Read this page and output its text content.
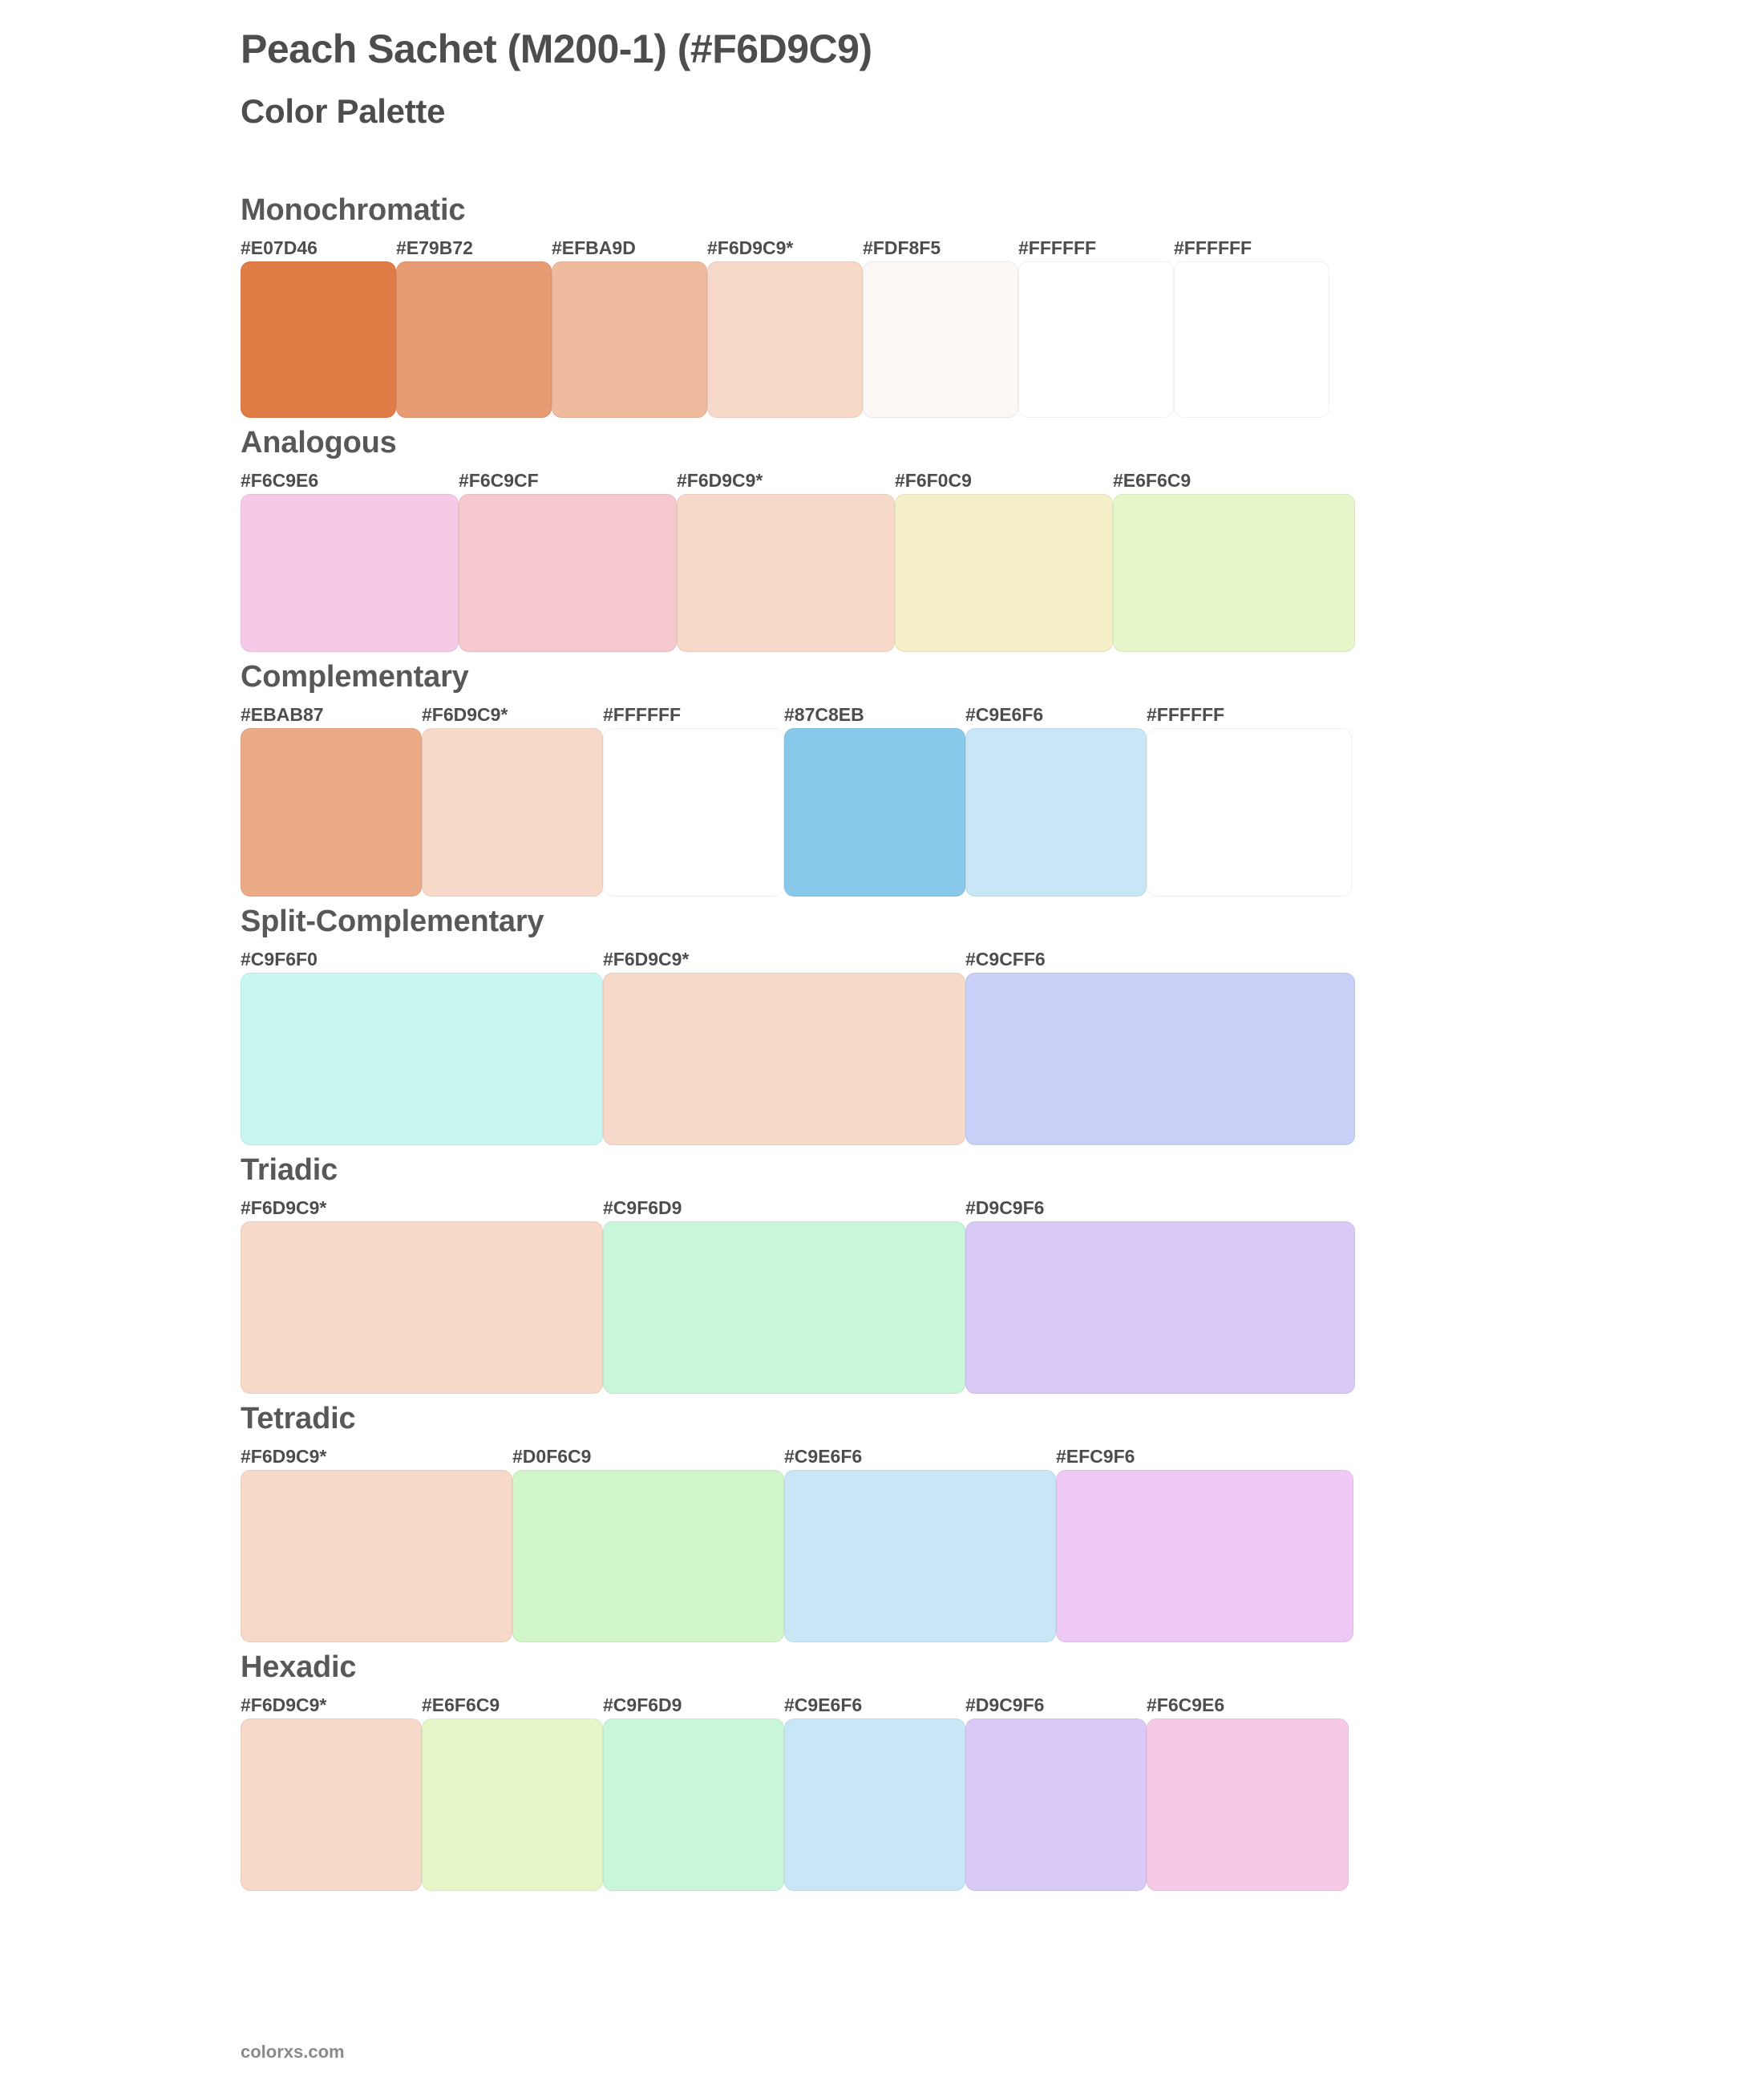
Peach Sachet (M200-1) (#F6D9C9)
Color Palette
Monochromatic
#E07D46	#E79B72	#EFBA9D	#F6D9C9*	#FDF8F5	#FFFFFF	#FFFFFF
Analogous
#F6C9E6	#F6C9CF	#F6D9C9*	#F6F0C9	#E6F6C9
Complementary
#EBAB87	#F6D9C9*	#FFFFFF	#87C8EB	#C9E6F6	#FFFFFF
Split-Complementary
#C9F6F0	#F6D9C9*	#C9CFF6
Triadic
#F6D9C9*	#C9F6D9	#D9C9F6
Tetradic
#F6D9C9*	#D0F6C9	#C9E6F6	#EFC9F6
Hexadic
#F6D9C9*	#E6F6C9	#C9F6D9	#C9E6F6	#D9C9F6	#F6C9E6
colorxs.com
